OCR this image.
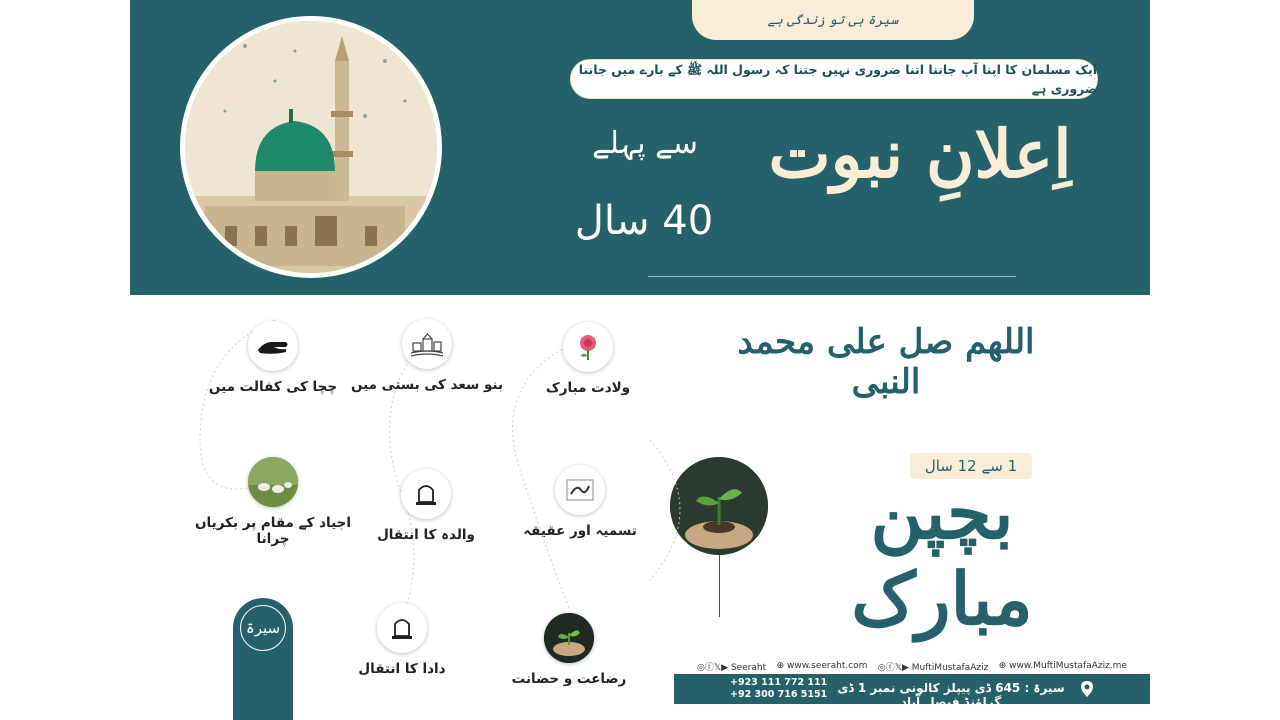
سیرۃ ہی تو زندگی ہے
ایک مسلمان کا اپنا آپ جاننا اتنا ضروری نہیں جتنا کہ رسول اللہ ﷺ کے بارے میں جاننا ضروری ہے
اِعلانِ نبوت
سے پہلے
40 سال
اللھم صل علی محمد النبی
1 سے 12 سال
بچپن مبارک
ولادت مبارک
بنو سعد کی بستی میں
چچا کی کفالت میں
تسمیہ اور عقیقہ
والدہ کا انتقال
اجیاد کے مقام پر بکریاں چرانا
رضاعت و حضانت
دادا کا انتقال
سیرۃ
◎ⓕ𝕏▶ Seeraht ⊕ www.seeraht.com ◎ⓕ𝕏▶ MuftiMustafaAziz ⊕ www.MuftiMustafaAziz.me
+923 111 772 111
+92 300 716 5151 سیرۃ : 645 ڈی پیپلز کالونی نمبر 1 ڈی گراؤنڈ فیصل آباد
